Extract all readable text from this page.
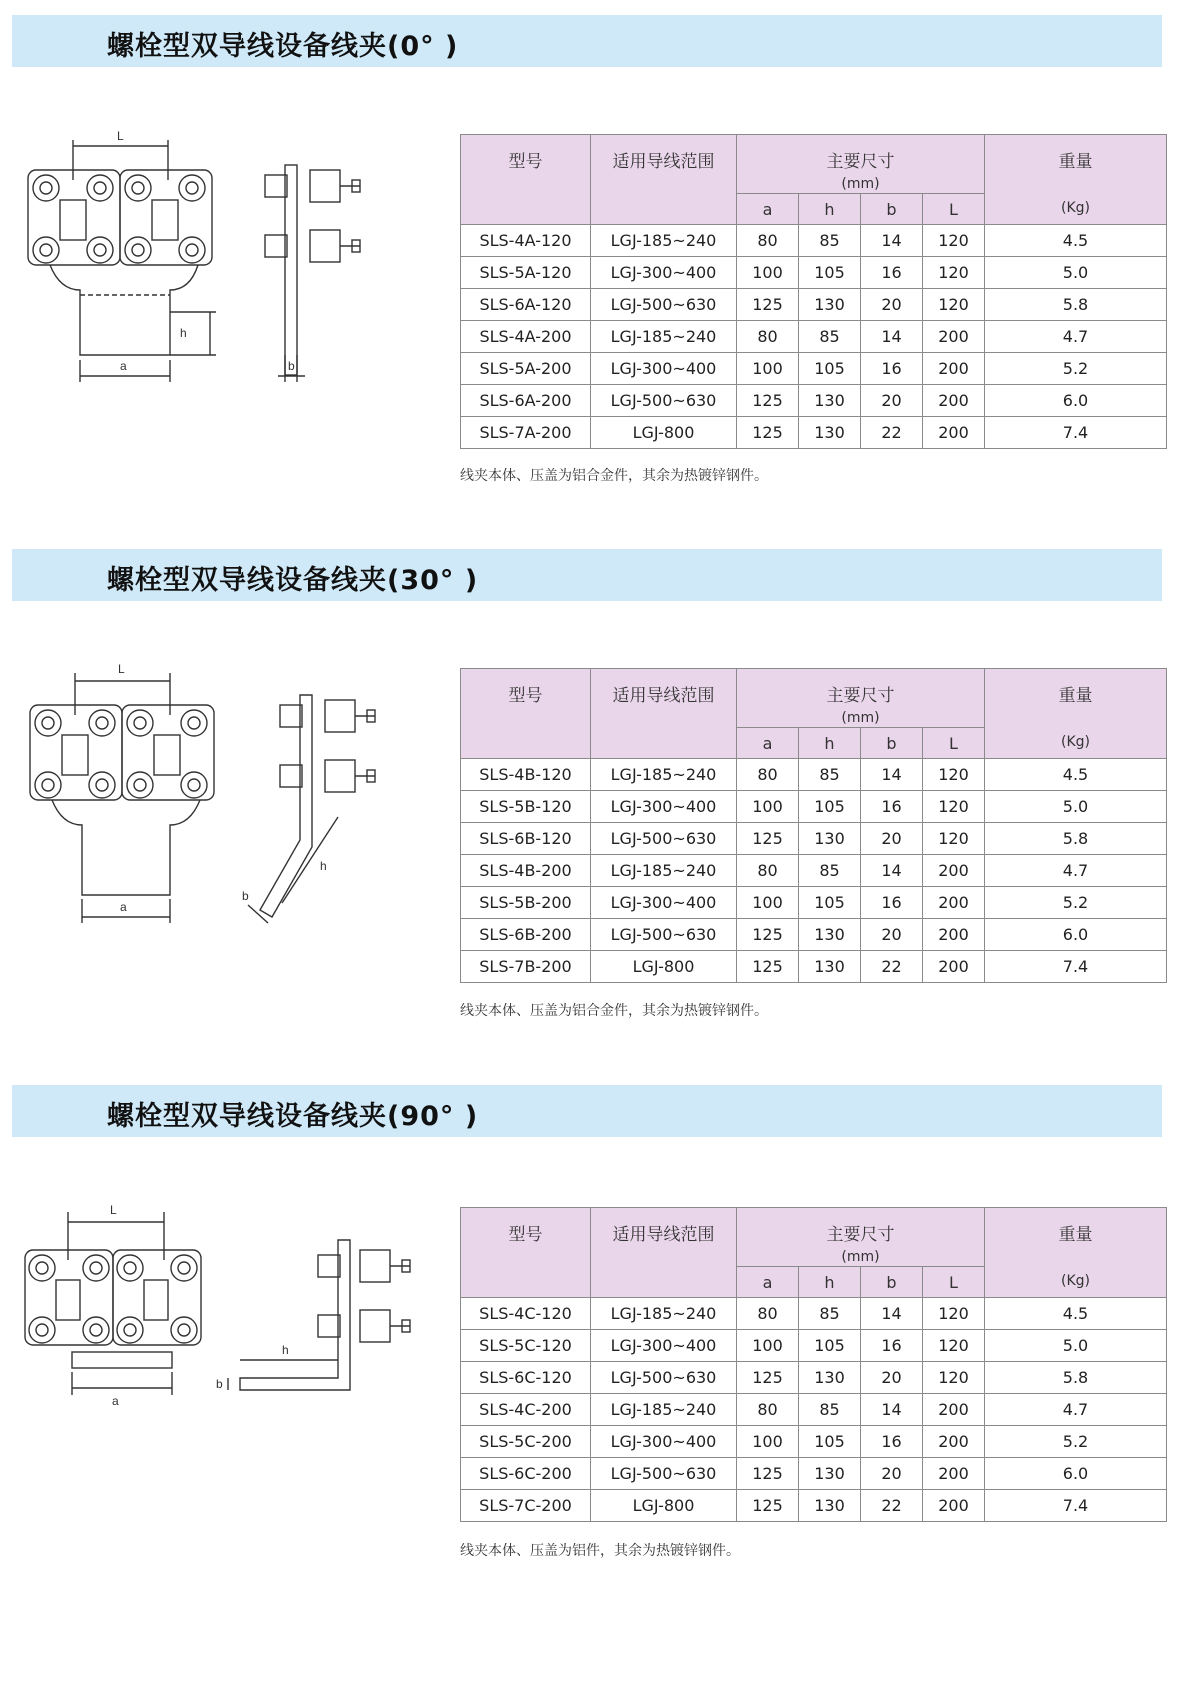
螺栓型双导线设备线夹(0° )
L
a
h
b
型号	适用导线范围	主要尺寸
(mm)				重量
(Kg)

		a	h	b	L	
SLS-4A-120	LGJ-185~240	80	85	14	120	4.5
SLS-5A-120	LGJ-300~400	100	105	16	120	5.0
SLS-6A-120	LGJ-500~630	125	130	20	120	5.8
SLS-4A-200	LGJ-185~240	80	85	14	200	4.7
SLS-5A-200	LGJ-300~400	100	105	16	200	5.2
SLS-6A-200	LGJ-500~630	125	130	20	200	6.0
SLS-7A-200	LGJ-800	125	130	22	200	7.4
线夹本体、压盖为铝合金件，其余为热镀锌钢件。
螺栓型双导线设备线夹(30° )
L
a
h
b
型号	适用导线范围	主要尺寸
(mm)				重量
(Kg)

		a	h	b	L	
SLS-4B-120	LGJ-185~240	80	85	14	120	4.5
SLS-5B-120	LGJ-300~400	100	105	16	120	5.0
SLS-6B-120	LGJ-500~630	125	130	20	120	5.8
SLS-4B-200	LGJ-185~240	80	85	14	200	4.7
SLS-5B-200	LGJ-300~400	100	105	16	200	5.2
SLS-6B-200	LGJ-500~630	125	130	20	200	6.0
SLS-7B-200	LGJ-800	125	130	22	200	7.4
线夹本体、压盖为铝合金件，其余为热镀锌钢件。
螺栓型双导线设备线夹(90° )
L
a
h
b
型号	适用导线范围	主要尺寸
(mm)				重量
(Kg)

		a	h	b	L	
SLS-4C-120	LGJ-185~240	80	85	14	120	4.5
SLS-5C-120	LGJ-300~400	100	105	16	120	5.0
SLS-6C-120	LGJ-500~630	125	130	20	120	5.8
SLS-4C-200	LGJ-185~240	80	85	14	200	4.7
SLS-5C-200	LGJ-300~400	100	105	16	200	5.2
SLS-6C-200	LGJ-500~630	125	130	20	200	6.0
SLS-7C-200	LGJ-800	125	130	22	200	7.4
线夹本体、压盖为铝件，其余为热镀锌钢件。
